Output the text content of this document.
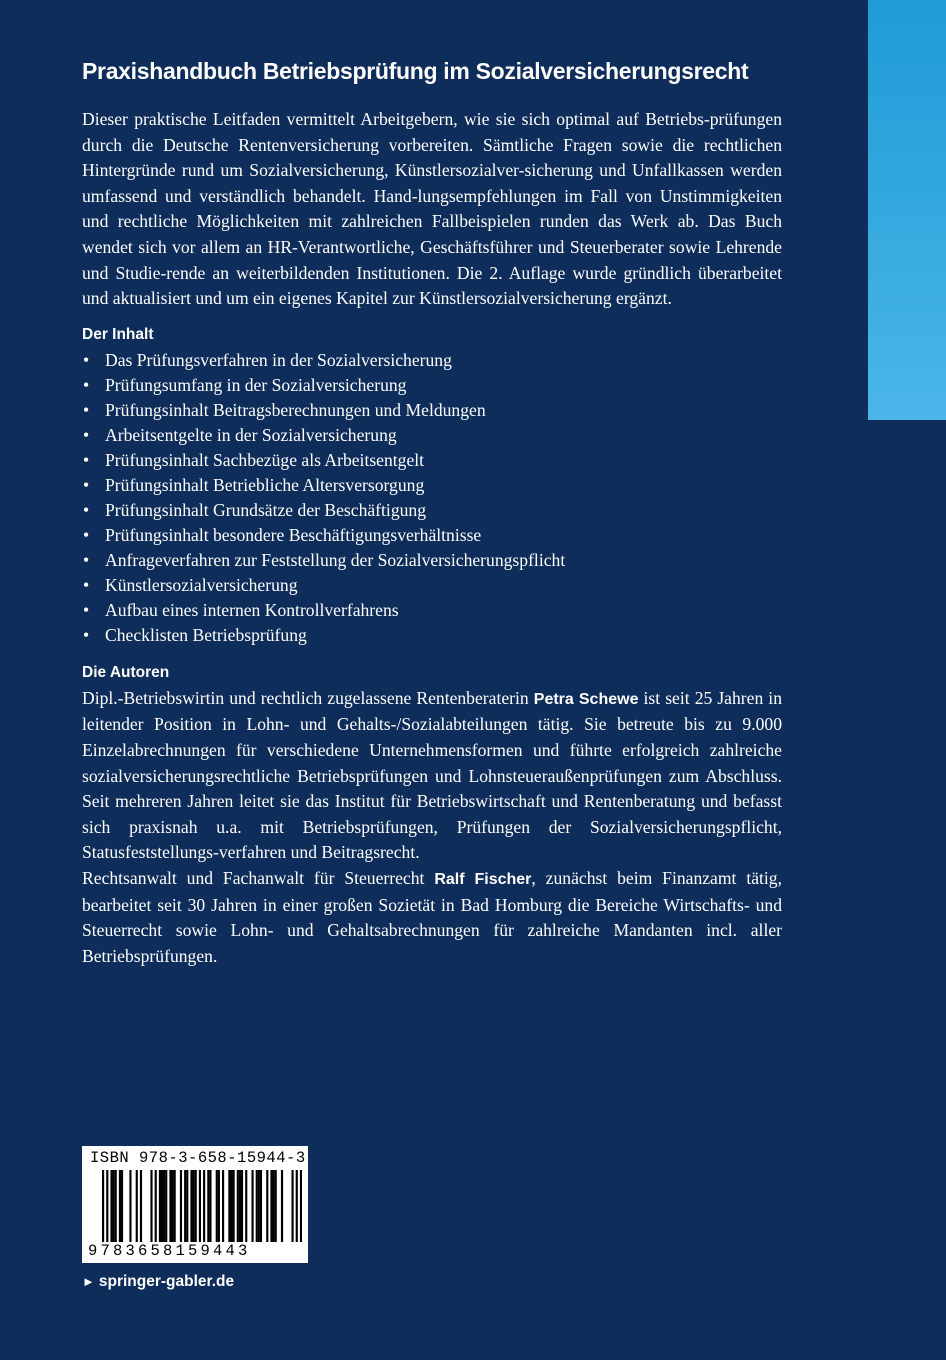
Praxishandbuch Betriebsprüfung im Sozialversicherungsrecht

Dieser praktische Leitfaden vermittelt Arbeitgebern, wie sie sich optimal auf Betriebs-prüfungen durch die Deutsche Rentenversicherung vorbereiten. Sämtliche Fragen sowie die rechtlichen Hintergründe rund um Sozialversicherung, Künstlersozialver-sicherung und Unfallkassen werden umfassend und verständlich behandelt. Hand-lungsempfehlungen im Fall von Unstimmigkeiten und rechtliche Möglichkeiten mit zahlreichen Fallbeispielen runden das Werk ab. Das Buch wendet sich vor allem an HR-Verantwortliche, Geschäftsführer und Steuerberater sowie Lehrende und Studie-rende an weiterbildenden Institutionen. Die 2. Auflage wurde gründlich überarbeitet und aktualisiert und um ein eigenes Kapitel zur Künstlersozialversicherung ergänzt.

Der Inhalt
• Das Prüfungsverfahren in der Sozialversicherung
• Prüfungsumfang in der Sozialversicherung
• Prüfungsinhalt Beitragsberechnungen und Meldungen
• Arbeitsentgelte in der Sozialversicherung
• Prüfungsinhalt Sachbezüge als Arbeitsentgelt
• Prüfungsinhalt Betriebliche Altersversorgung
• Prüfungsinhalt Grundsätze der Beschäftigung
• Prüfungsinhalt besondere Beschäftigungsverhältnisse
• Anfrageverfahren zur Feststellung der Sozialversicherungspflicht
• Künstlersozialversicherung
• Aufbau eines internen Kontrollverfahrens
• Checklisten Betriebsprüfung
Die Autoren

Dipl.-Betriebswirtin und rechtlich zugelassene Rentenberaterin Petra Schewe ist seit 25 Jahren in leitender Position in Lohn- und Gehalts-/Sozialabteilungen tätig. Sie betreute bis zu 9.000 Einzelabrechnungen für verschiedene Unternehmensformen und führte erfolgreich zahlreiche sozialversicherungsrechtliche Betriebsprüfungen und Lohnsteueraußenprüfungen zum Abschluss. Seit mehreren Jahren leitet sie das Institut für Betriebswirtschaft und Rentenberatung und befasst sich praxisnah u.a. mit Betriebsprüfungen, Prüfungen der Sozialversicherungspflicht, Statusfeststellungs-verfahren und Beitragsrecht.

Rechtsanwalt und Fachanwalt für Steuerrecht Ralf Fischer, zunächst beim Finanzamt tätig, bearbeitet seit 30 Jahren in einer großen Sozietät in Bad Homburg die Bereiche Wirtschafts- und Steuerrecht sowie Lohn- und Gehaltsabrechnungen für zahlreiche Mandanten incl. aller Betriebsprüfungen.

ISBN 978-3-658-15944-3
9783658159443
► springer-gabler.de
